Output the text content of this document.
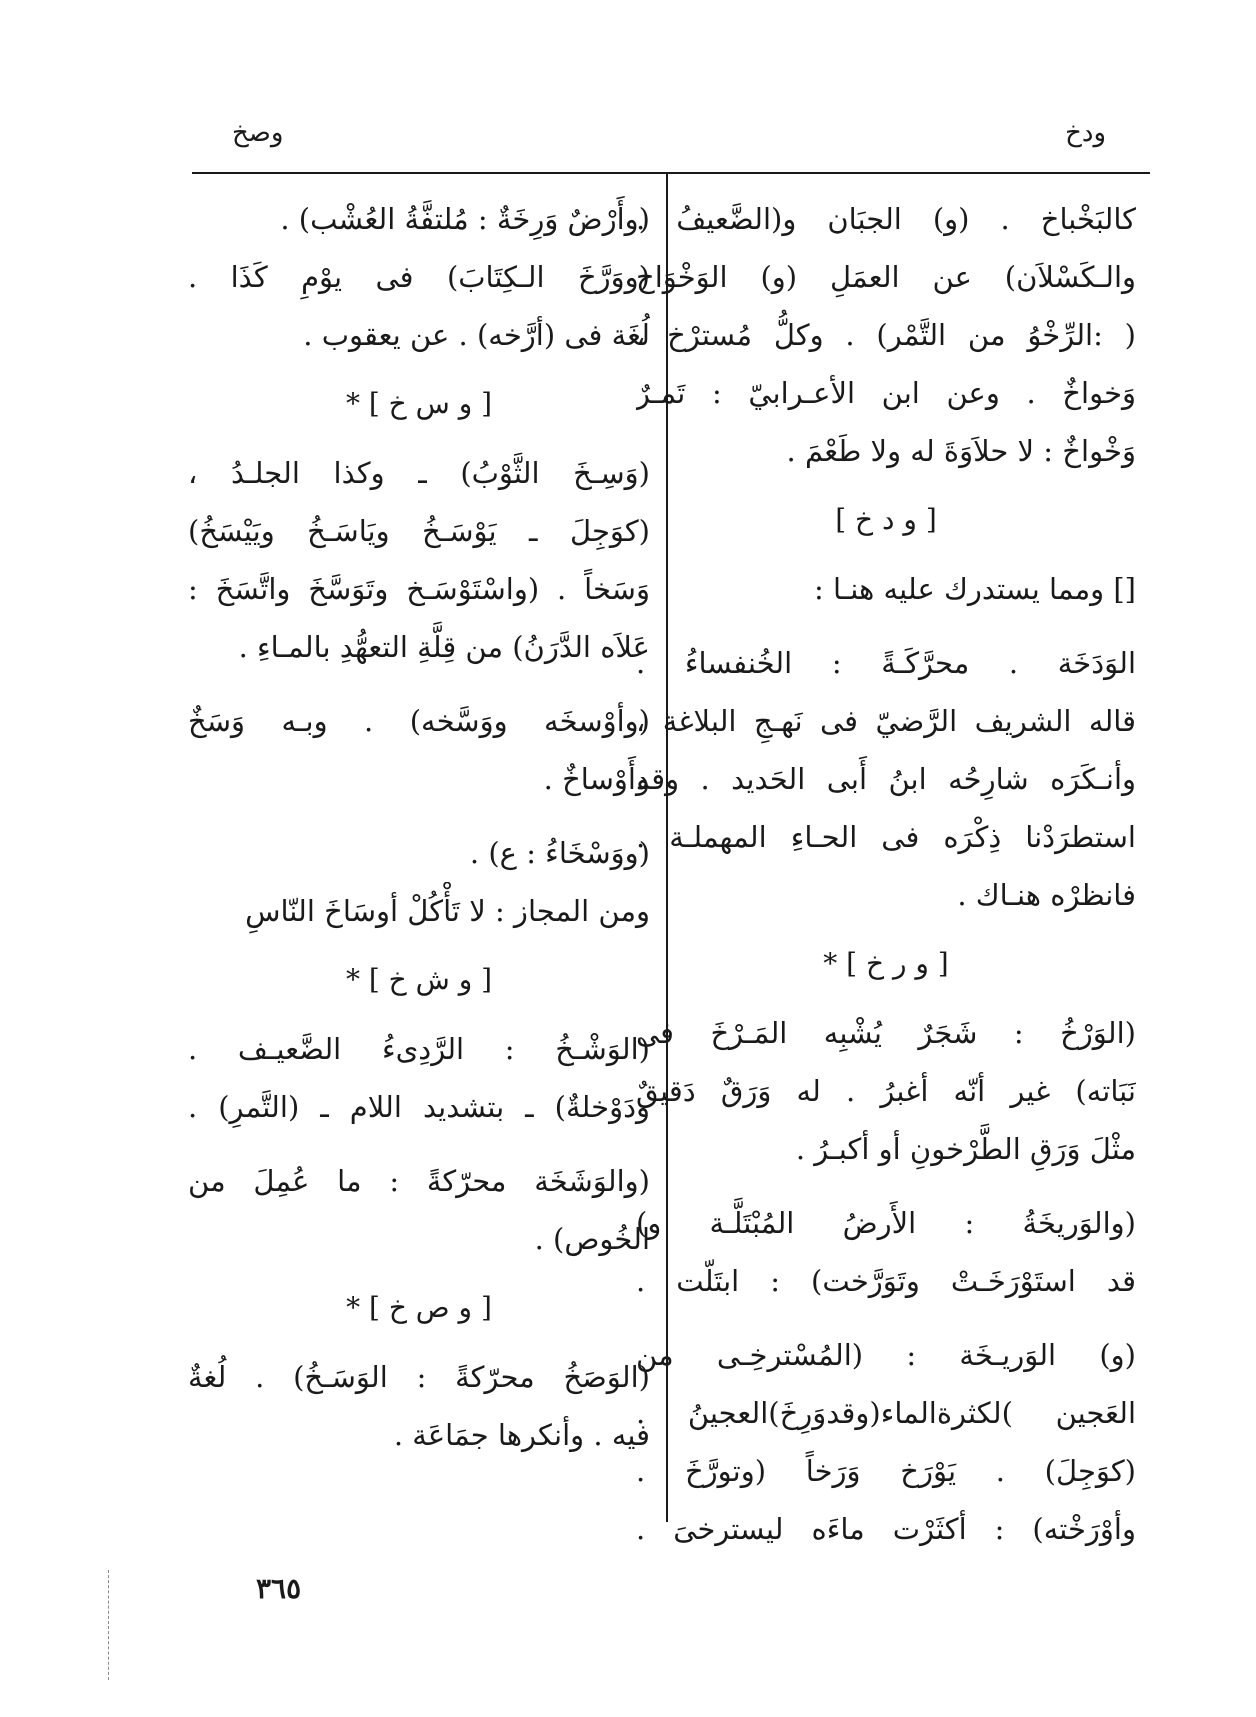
ودخ
وصخ
كالبَخْباخ . (و) الجبَان و(الضَّعيفُ .
والـكَسْلاَن) عن العمَلِ (و) الوَخْوَاخ
( :الرِّخْوُ من التَّمْر) . وكلُّ مُسترْخ ،
وَخواخٌ . وعن ابن الأعـرابيّ : تَمـرٌ
وَخْواخٌ : لا حلاَوَةَ له ولا طَعْمَ .
[ و د خ ]
[] ومما يستدرك عليه هنـا :
الوَدَخَة . محرَّكَـةً : الخُنفساءُ .
قاله الشريف الرَّضيّ فى نَهـجِ البلاغة ،
وأنـكَرَه شارِحُه ابنُ أَبى الحَديد . وقد
استطرَدْنا ذِكْرَه فى الحـاءِ المهملـة .
فانظرْه هنـاك .
[ و ر خ ] *
(الوَرْخُ : شَجَرٌ يُشْبِه المَـرْخَ فى
نَبَاته) غير أنّه أغبرُ . له وَرَقٌ دَقيقٌ
مثْلَ وَرَقِ الطَّرْخونِ أو أكبـرُ .
(والوَريخَةُ : الأَرضُ المُبْتَلَّـة و)
قد استَوْرَخَـتْ وتَوَرَّخت) : ابتَلّت .
(و) الوَريـخَة : (المُسْترخِـى من
العَجين )لكثرةالماء(وقدوَرِخَ)العجينُ .
(كوَجِلَ) . يَوْرَخ وَرَخاً (وتورَّخَ .
وأوْرَخْته) : أكثَرْت ماءَه ليسترخىَ .
(وأَرْضٌ وَرِخَةٌ : مُلتفَّةُ العُشْب) .
(ووَرَّخَ الـكِتَابَ) فى يوْمِ كَذَا .
لُغَة فى (أرَّخه) . عن يعقوب .
[ و س خ ] *
(وَسِـخَ الثَّوْبُ) ـ وكذا الجلـدُ ،
(كوَجِلَ ـ يَوْسَـخُ ويَاسَـخُ ويَيْسَخُ)
وَسَخاً . (واسْتَوْسَـخ وتَوَسَّخَ واتَّسَخَ :
عَلاَه الدَّرَنُ) من قِلَّةِ التعهُّدِ بالمـاءِ .
(وأوْسخَه ووَسَّخه) . وبـه وَسَخٌ
وأَوْساخٌ .
(ووَسْخَاءُ : ع) .
ومن المجاز : لا تَأْكُلْ أوسَاخَ النّاسِ
[ و ش خ ] *
(الوَشْـخُ : الرَّدِىءُ الضَّعيـف .
ودَوْخلةٌ) ـ بتشديد اللام ـ (التَّمرِ) .
(والوَشَخَة محرّكةً : ما عُمِلَ من
الخُوص) .
[ و ص خ ] *
(الوَصَخُ محرّكةً : الوَسَـخُ) . لُغةٌ
فيه . وأنكرها جمَاعَة .
٣٦٥
